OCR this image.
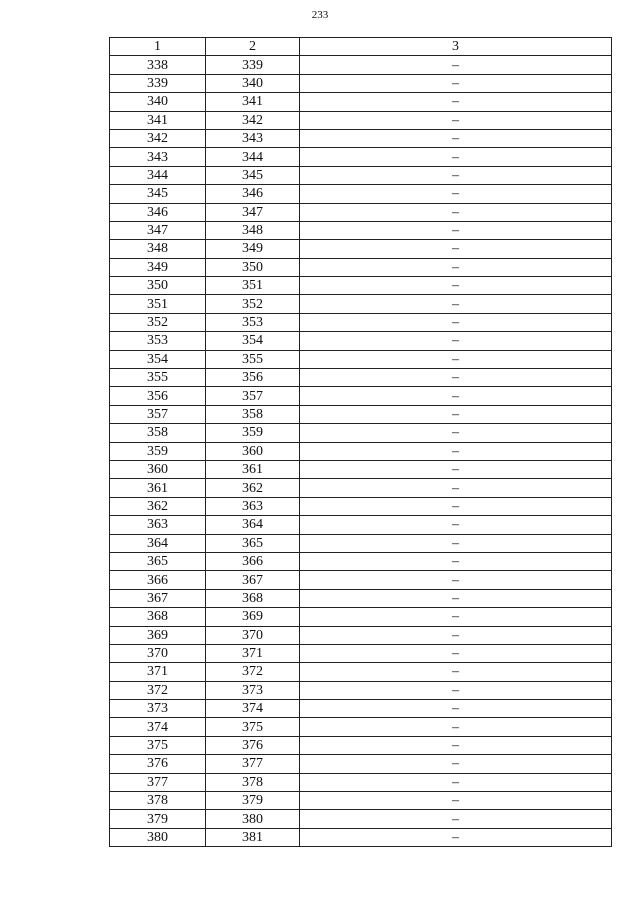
233
1	2	3
338	339	–
339	340	–
340	341	–
341	342	–
342	343	–
343	344	–
344	345	–
345	346	–
346	347	–
347	348	–
348	349	–
349	350	–
350	351	–
351	352	–
352	353	–
353	354	–
354	355	–
355	356	–
356	357	–
357	358	–
358	359	–
359	360	–
360	361	–
361	362	–
362	363	–
363	364	–
364	365	–
365	366	–
366	367	–
367	368	–
368	369	–
369	370	–
370	371	–
371	372	–
372	373	–
373	374	–
374	375	–
375	376	–
376	377	–
377	378	–
378	379	–
379	380	–
380	381	–
